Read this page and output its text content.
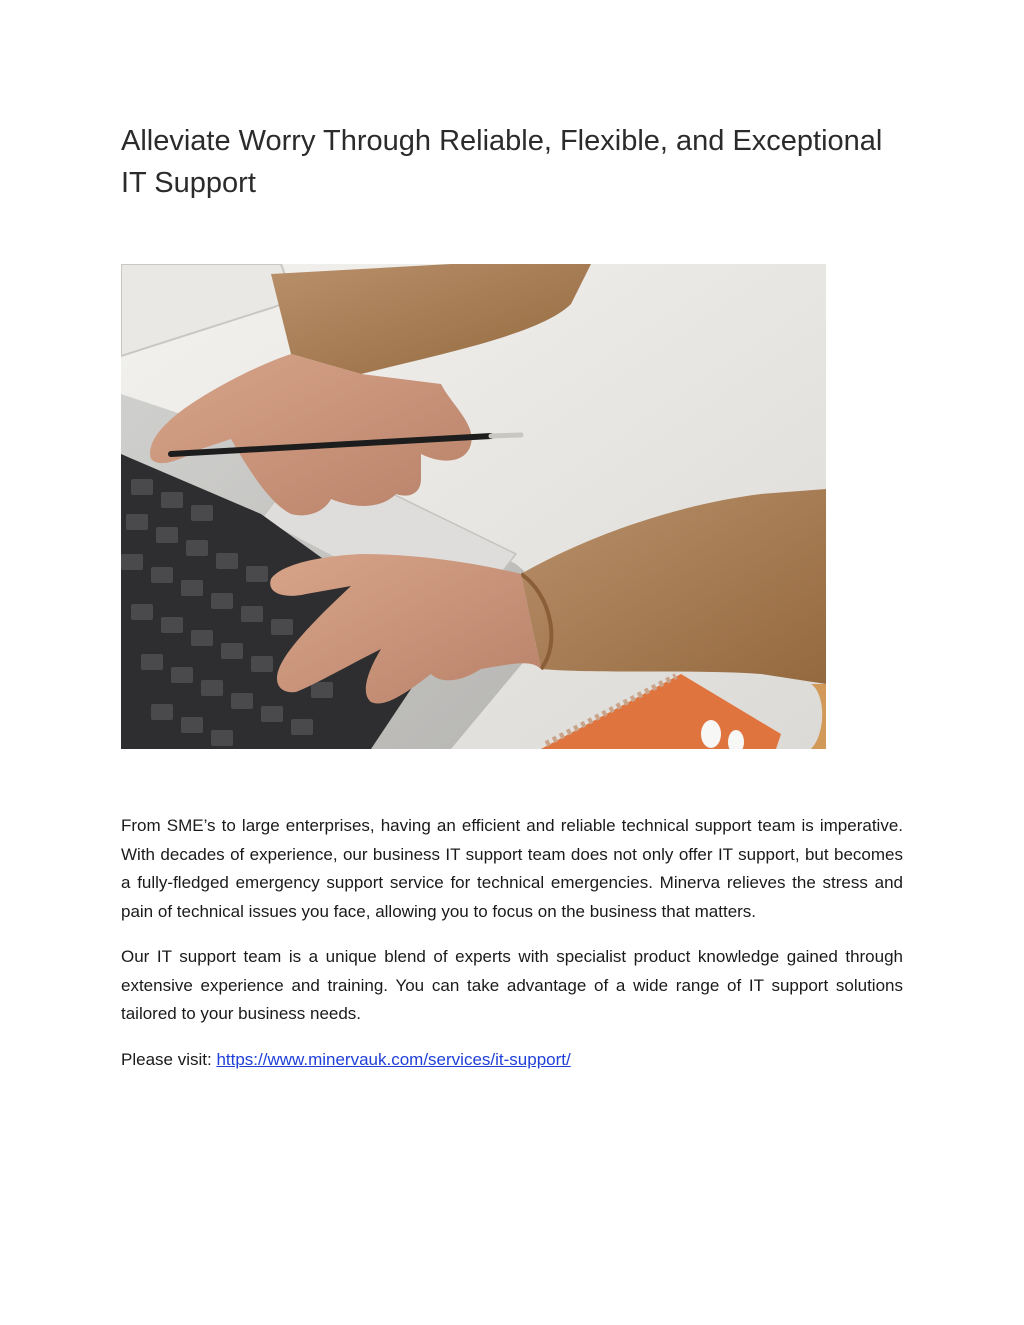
Alleviate Worry Through Reliable, Flexible, and Exceptional IT Support

From SME’s to large enterprises, having an efficient and reliable technical support team is imperative. With decades of experience, our business IT support team does not only offer IT support, but becomes a fully-fledged emergency support service for technical emergencies. Minerva relieves the stress and pain of technical issues you face, allowing you to focus on the business that matters.

Our IT support team is a unique blend of experts with specialist product knowledge gained through extensive experience and training. You can take advantage of a wide range of IT support solutions tailored to your business needs.

Please visit: https://www.minervauk.com/services/it-support/
